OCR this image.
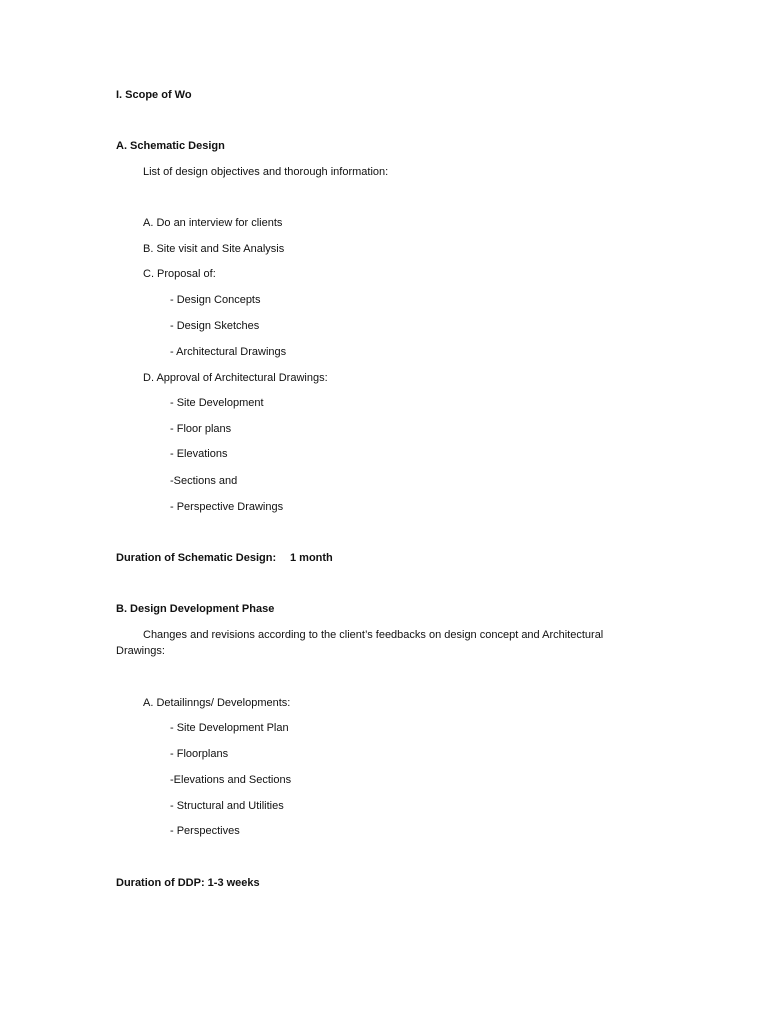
I. Scope of Wo
A. Schematic Design
List of design objectives and thorough information:
A. Do an interview for clients
B. Site visit and Site Analysis
C. Proposal of:
- Design Concepts
- Design Sketches
- Architectural Drawings
D. Approval of Architectural Drawings:
- Site Development
- Floor plans
- Elevations
-Sections and
- Perspective Drawings
Duration of Schematic Design: 1 month
B. Design Development Phase
Changes and revisions according to the client’s feedbacks on design concept and Architectural
Drawings:
A. Detailinngs/ Developments:
- Site Development Plan
- Floorplans
-Elevations and Sections
- Structural and Utilities
- Perspectives
Duration of DDP: 1-3 weeks
